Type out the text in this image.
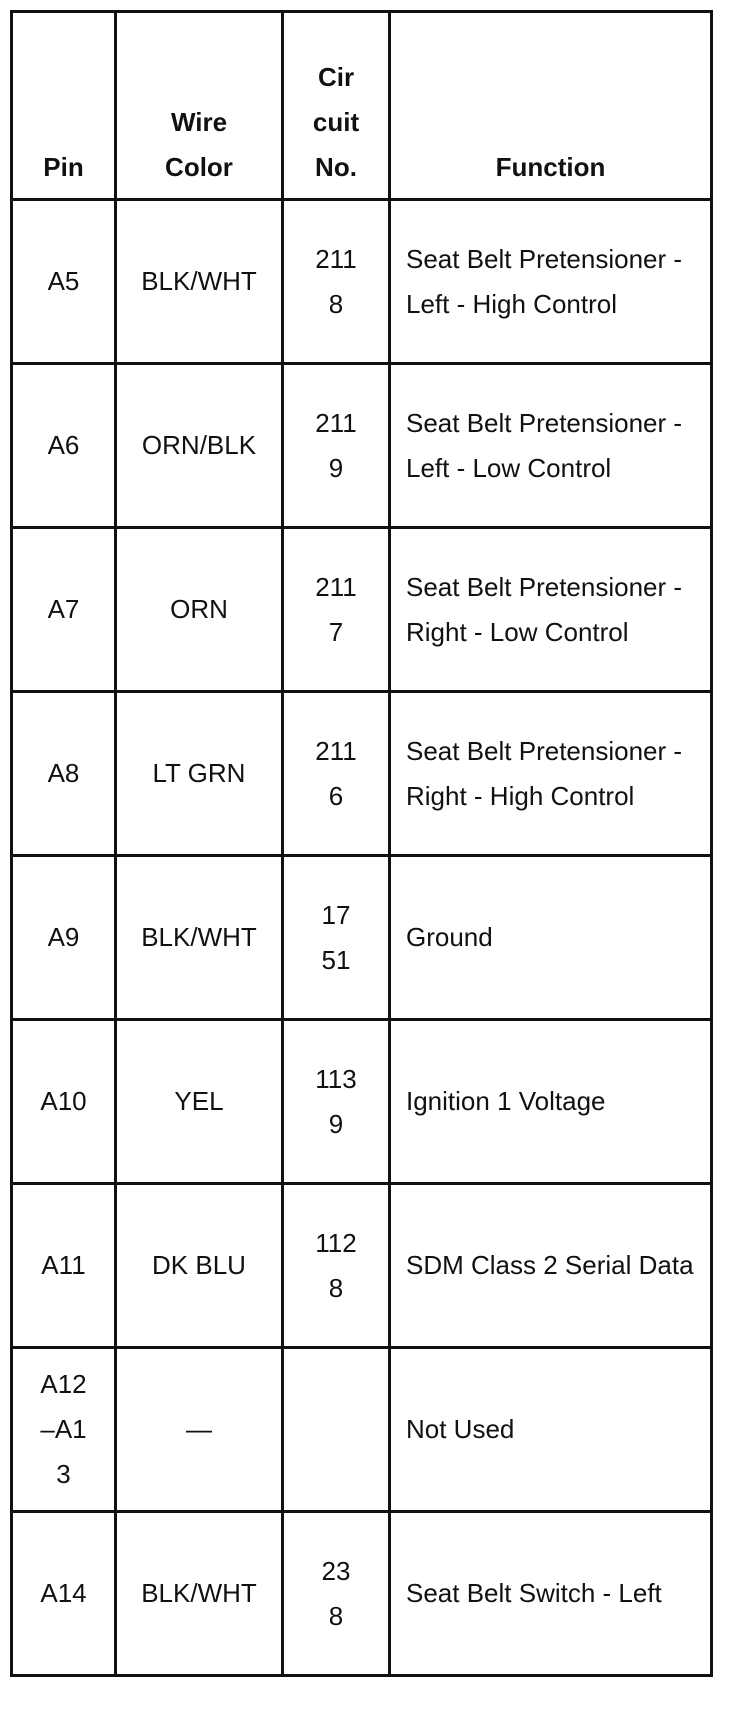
Pin	Wire Color	Cir cuit No.	Function
A5	BLK/WHT	2118	Seat Belt Pretensioner - Left - High Control
A6	ORN/BLK	2119	Seat Belt Pretensioner - Left - Low Control
A7	ORN	2117	Seat Belt Pretensioner - Right - Low Control
A8	LT GRN	2116	Seat Belt Pretensioner - Right - High Control
A9	BLK/WHT	1751	Ground
A10	YEL	1139	Ignition 1 Voltage
A11	DK BLU	1128	SDM Class 2 Serial Data
A12–A13	—		Not Used
A14	BLK/WHT	238	Seat Belt Switch - Left
